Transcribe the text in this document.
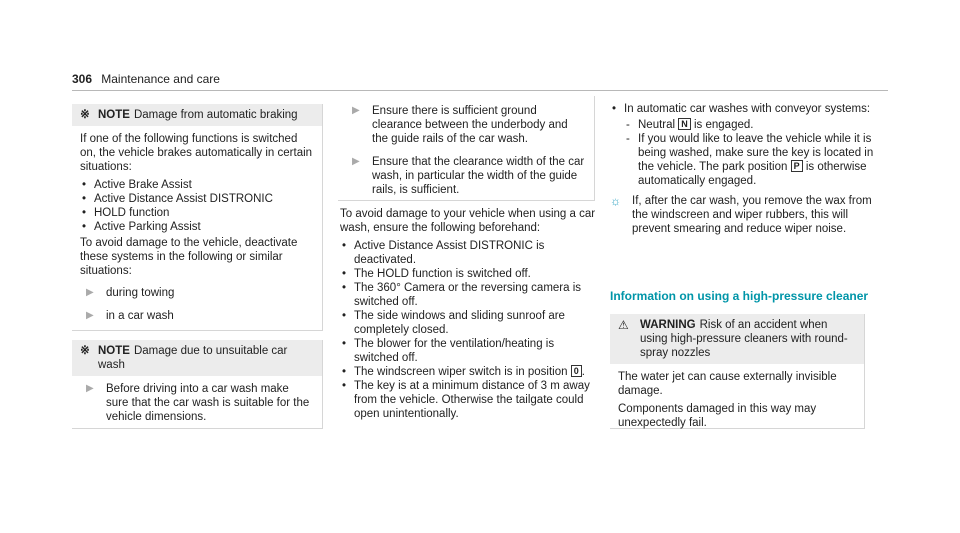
306 Maintenance and care
※ NOTE Damage from automatic braking

If one of the following functions is switched on, the vehicle brakes automatically in certain situations:

• Active Brake Assist
• Active Distance Assist DISTRONIC
• HOLD function
• Active Parking Assist

To avoid damage to the vehicle, deactivate these systems in the following or similar situations:

▶ during towing
▶ in a car wash
※ NOTE Damage due to unsuitable car wash
▶ Before driving into a car wash make sure that the car wash is suitable for the vehicle dimensions.
▶ Ensure there is sufficient ground clearance between the underbody and the guide rails of the car wash.
▶ Ensure that the clearance width of the car wash, in particular the width of the guide rails, is sufficient.

To avoid damage to your vehicle when using a car wash, ensure the following beforehand:

• Active Distance Assist DISTRONIC is deactivated.
• The HOLD function is switched off.
• The 360° Camera or the reversing camera is switched off.
• The side windows and sliding sunroof are completely closed.
• The blower for the ventilation/heating is switched off.
• The windscreen wiper switch is in position 0 .
• The key is at a minimum distance of 3 m away from the vehicle. Otherwise the tailgate could open unintentionally.
• In automatic car washes with conveyor systems:
- Neutral N is engaged.
- If you would like to leave the vehicle while it is being washed, make sure the key is located in the vehicle. The park position P is otherwise automatically engaged.
☼ If, after the car wash, you remove the wax from the windscreen and wiper rubbers, this will prevent smearing and reduce wiper noise.
Information on using a high-pressure cleaner
⚠ WARNING Risk of an accident when using high-pressure cleaners with round-spray nozzles

The water jet can cause externally invisible damage.

Components damaged in this way may unexpectedly fail.
